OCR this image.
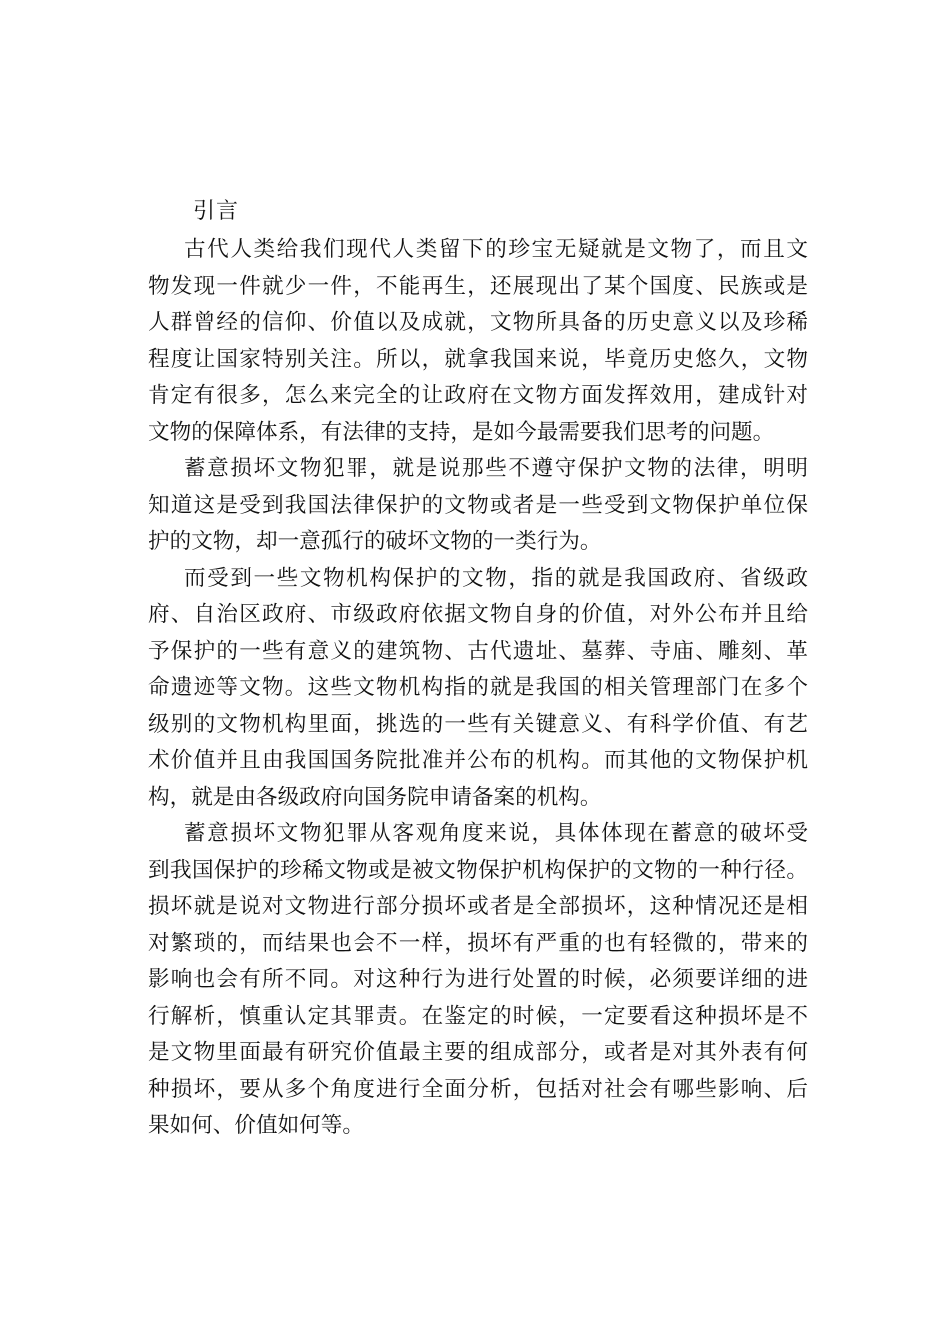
引言
古代人类给我们现代人类留下的珍宝无疑就是文物了，而且文
物发现一件就少一件，不能再生，还展现出了某个国度、民族或是
人群曾经的信仰、价值以及成就，文物所具备的历史意义以及珍稀
程度让国家特别关注。所以，就拿我国来说，毕竟历史悠久，文物
肯定有很多，怎么来完全的让政府在文物方面发挥效用，建成针对
文物的保障体系，有法律的支持，是如今最需要我们思考的问题。
蓄意损坏文物犯罪，就是说那些不遵守保护文物的法律，明明
知道这是受到我国法律保护的文物或者是一些受到文物保护单位保
护的文物，却一意孤行的破坏文物的一类行为。
而受到一些文物机构保护的文物，指的就是我国政府、省级政
府、自治区政府、市级政府依据文物自身的价值，对外公布并且给
予保护的一些有意义的建筑物、古代遗址、墓葬、寺庙、雕刻、革
命遗迹等文物。这些文物机构指的就是我国的相关管理部门在多个
级别的文物机构里面，挑选的一些有关键意义、有科学价值、有艺
术价值并且由我国国务院批准并公布的机构。而其他的文物保护机
构，就是由各级政府向国务院申请备案的机构。
蓄意损坏文物犯罪从客观角度来说，具体体现在蓄意的破坏受
到我国保护的珍稀文物或是被文物保护机构保护的文物的一种行径。
损坏就是说对文物进行部分损坏或者是全部损坏，这种情况还是相
对繁琐的，而结果也会不一样，损坏有严重的也有轻微的，带来的
影响也会有所不同。对这种行为进行处置的时候，必须要详细的进
行解析，慎重认定其罪责。在鉴定的时候，一定要看这种损坏是不
是文物里面最有研究价值最主要的组成部分，或者是对其外表有何
种损坏，要从多个角度进行全面分析，包括对社会有哪些影响、后
果如何、价值如何等。
